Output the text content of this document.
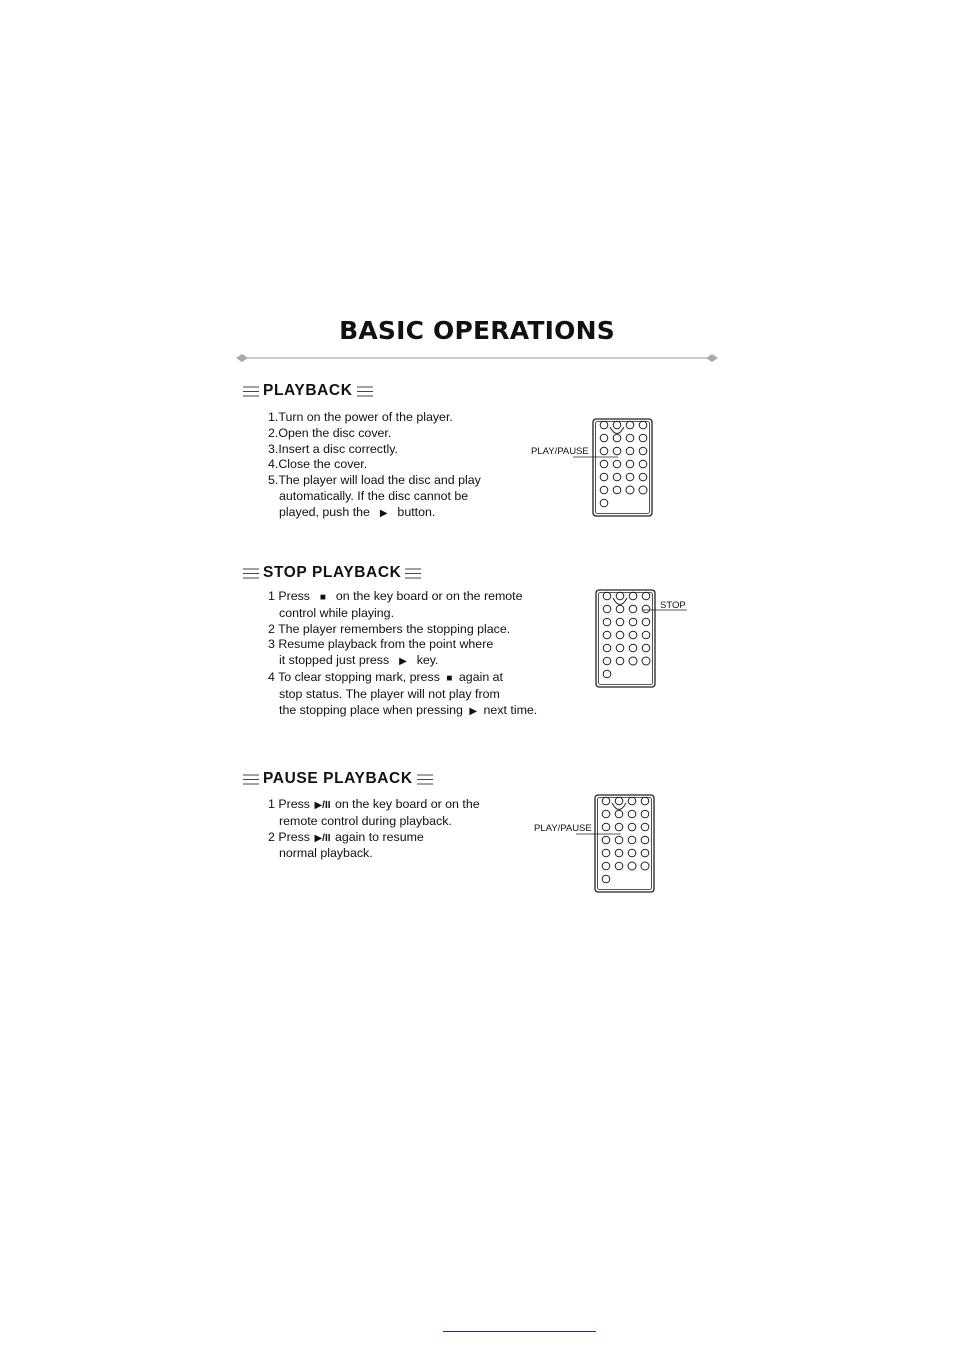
BASIC OPERATIONS
PLAYBACK
1.Turn on the power of the player.
2.Open the disc cover.
3.Insert a disc correctly.
4.Close the cover.
5.The player will load the disc and play
automatically. If the disc cannot be
played, push the ▶ button.
PLAY/PAUSE
STOP PLAYBACK
1 Press ■ on the key board or on the remote
control while playing.
2 The player remembers the stopping place.
3 Resume playback from the point where
it stopped just press ▶ key.
4 To clear stopping mark, press ■ again at
stop status. The player will not play from
the stopping place when pressing ▶ next time.
STOP
PAUSE PLAYBACK
1 Press ▶/II on the key board or on the
remote control during playback.
2 Press ▶/II again to resume
normal playback.
PLAY/PAUSE
